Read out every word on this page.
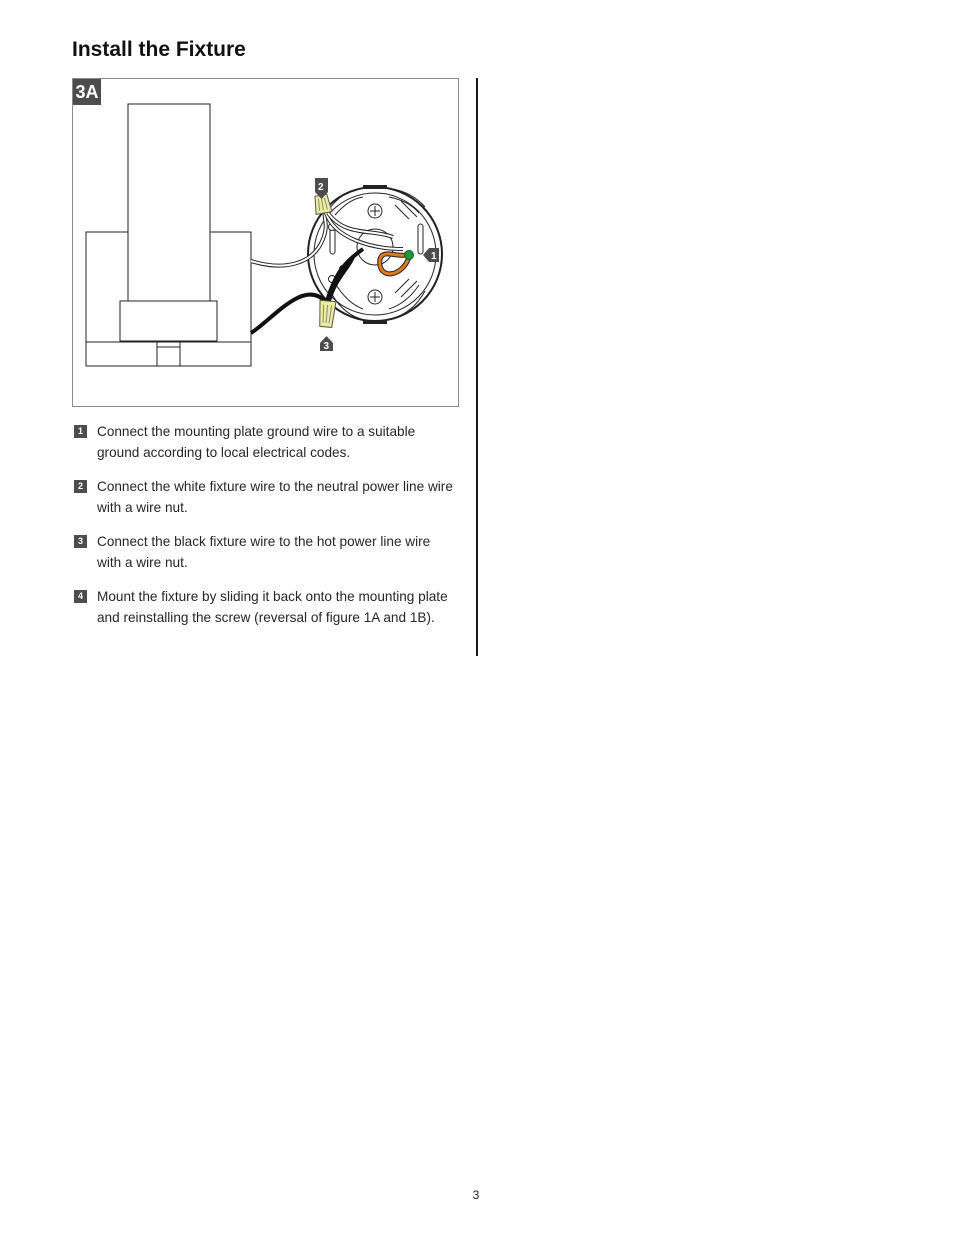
Install the Fixture
1
2
3
3A
1 Connect the mounting plate ground wire to a suitable ground according to local electrical codes.
2 Connect the white fixture wire to the neutral power line wire with a wire nut.
3 Connect the black fixture wire to the hot power line wire with a wire nut.
4 Mount the fixture by sliding it back onto the mounting plate and reinstalling the screw (reversal of figure 1A and 1B).
3
